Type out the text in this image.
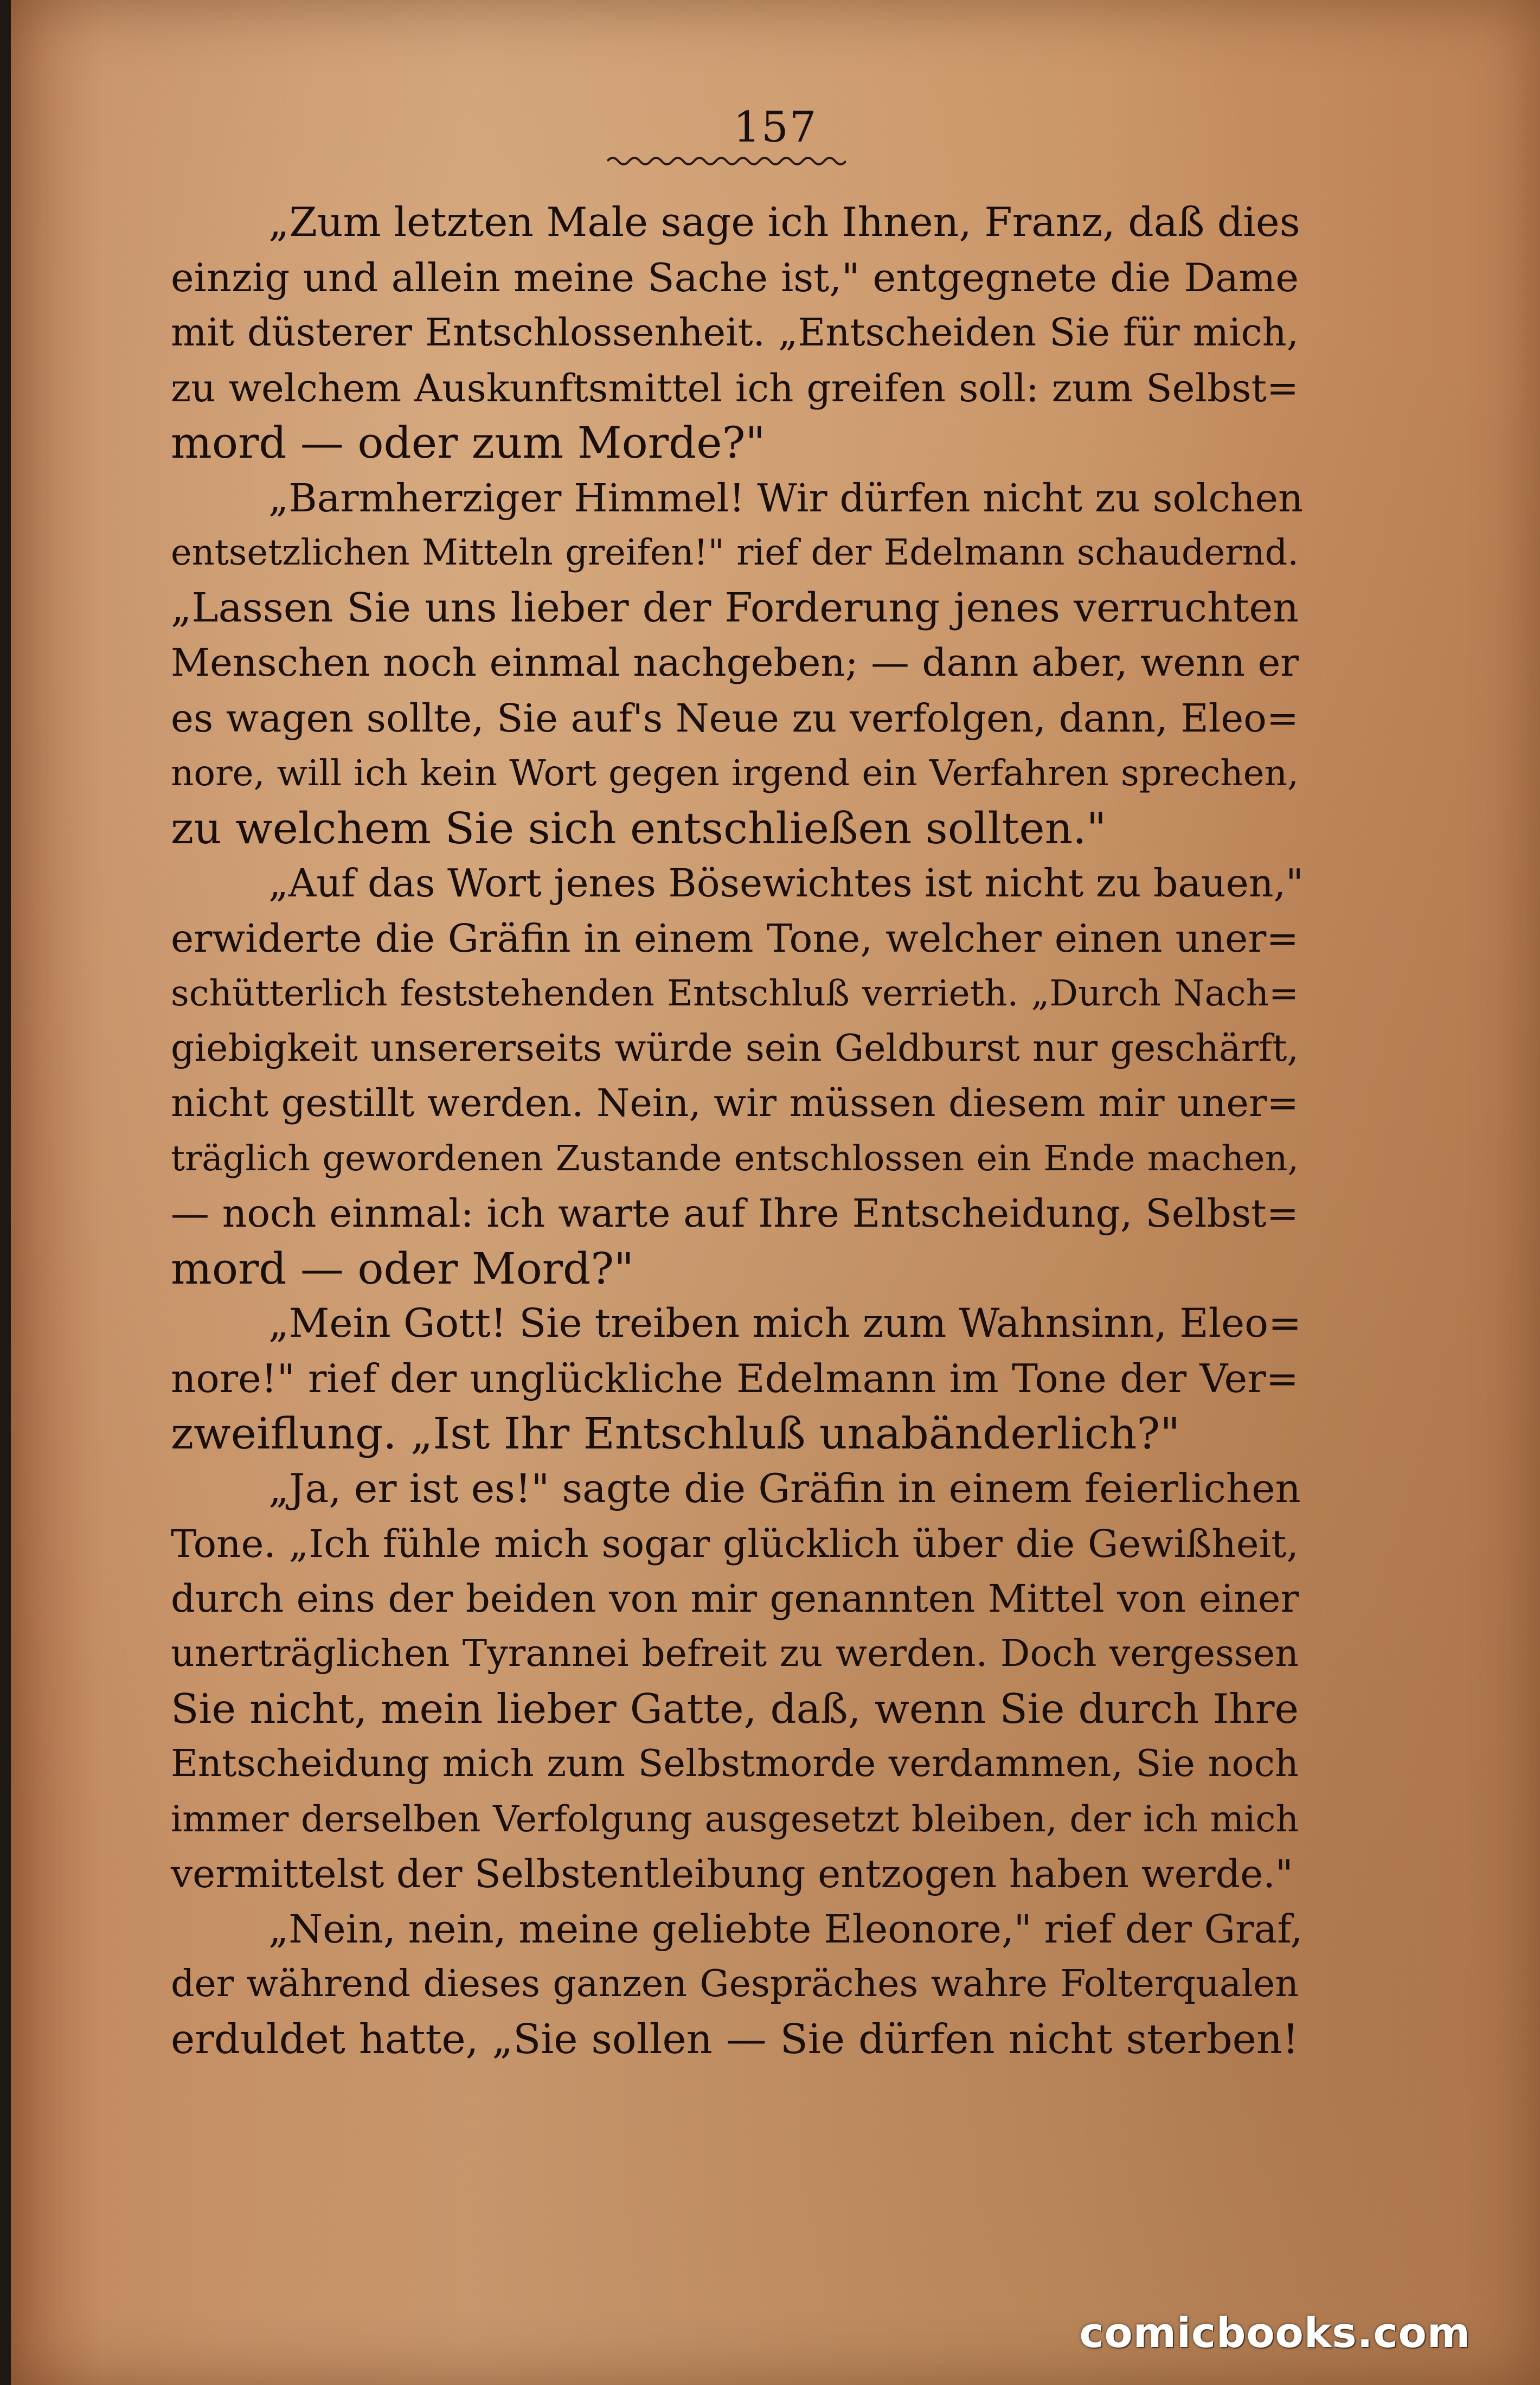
157
„Zum letzten Male sage ich Ihnen, Franz, daß dies
einzig und allein meine Sache ist," entgegnete die Dame
mit düsterer Entschlossenheit. „Entscheiden Sie für mich,
zu welchem Auskunftsmittel ich greifen soll: zum Selbst=
mord — oder zum Morde?"
„Barmherziger Himmel! Wir dürfen nicht zu solchen
entsetzlichen Mitteln greifen!" rief der Edelmann schaudernd.
„Lassen Sie uns lieber der Forderung jenes verruchten
Menschen noch einmal nachgeben; — dann aber, wenn er
es wagen sollte, Sie auf's Neue zu verfolgen, dann, Eleo=
nore, will ich kein Wort gegen irgend ein Verfahren sprechen,
zu welchem Sie sich entschließen sollten."
„Auf das Wort jenes Bösewichtes ist nicht zu bauen,"
erwiderte die Gräfin in einem Tone, welcher einen uner=
schütterlich feststehenden Entschluß verrieth. „Durch Nach=
giebigkeit unsererseits würde sein Geldburst nur geschärft,
nicht gestillt werden. Nein, wir müssen diesem mir uner=
träglich gewordenen Zustande entschlossen ein Ende machen,
— noch einmal: ich warte auf Ihre Entscheidung, Selbst=
mord — oder Mord?"
„Mein Gott! Sie treiben mich zum Wahnsinn, Eleo=
nore!" rief der unglückliche Edelmann im Tone der Ver=
zweiflung. „Ist Ihr Entschluß unabänderlich?"
„Ja, er ist es!" sagte die Gräfin in einem feierlichen
Tone. „Ich fühle mich sogar glücklich über die Gewißheit,
durch eins der beiden von mir genannten Mittel von einer
unerträglichen Tyrannei befreit zu werden. Doch vergessen
Sie nicht, mein lieber Gatte, daß, wenn Sie durch Ihre
Entscheidung mich zum Selbstmorde verdammen, Sie noch
immer derselben Verfolgung ausgesetzt bleiben, der ich mich
vermittelst der Selbstentleibung entzogen haben werde."
„Nein, nein, meine geliebte Eleonore," rief der Graf,
der während dieses ganzen Gespräches wahre Folterqualen
erduldet hatte, „Sie sollen — Sie dürfen nicht sterben!
comicbooks.com
